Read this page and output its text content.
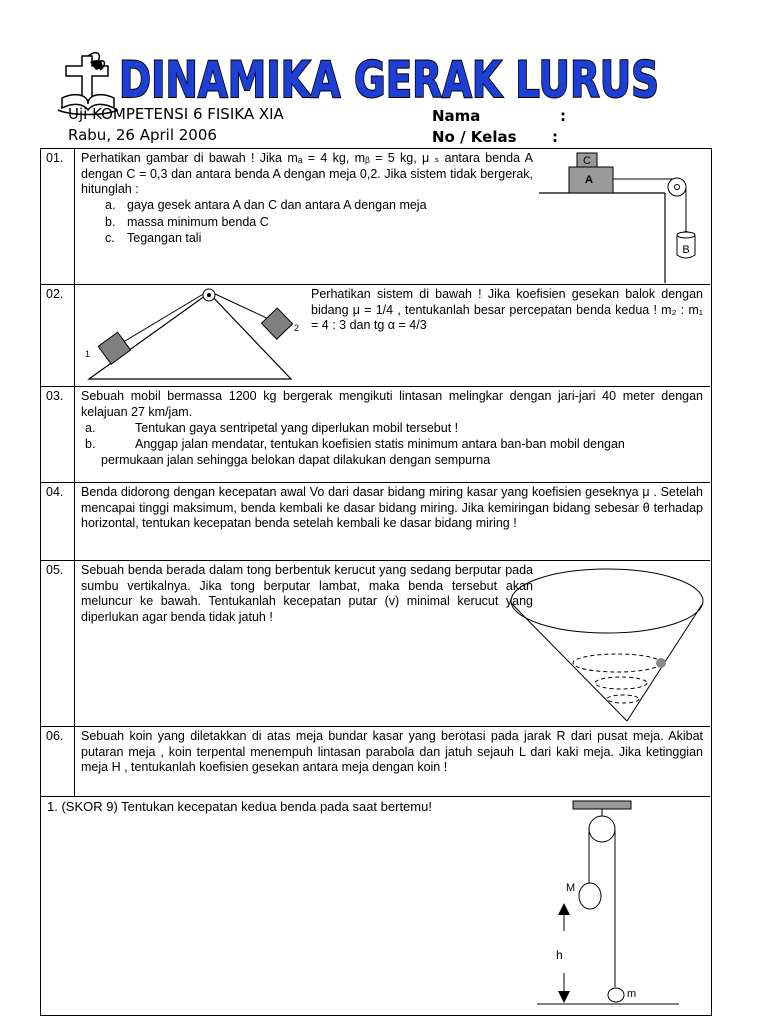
DINAMIKA GERAK LURUS
Uji KOMPETENSI 6 FISIKA XIA
Rabu, 26 April 2006
Nama	:
No / Kelas :
01.	Perhatikan gambar di bawah ! Jika mₐ = 4 kg, mᵦ = 5 kg, μ ₛ antara benda A dengan C = 0,3 dan antara benda A dengan meja 0,2. Jika sistem tidak bergerak, hitunglah :
a. gaya gesek antara A dan C dan antara A dengan meja
b. massa minimum benda C
c. Tegangan tali
C
A
B
02.
1
2
Perhatikan sistem di bawah ! Jika koefisien gesekan balok dengan bidang μ = 1/4 , tentukanlah besar percepatan benda kedua ! m₂ : m₁ = 4 : 3 dan tg α = 4/3
03.	Sebuah mobil bermassa 1200 kg bergerak mengikuti lintasan melingkar dengan jari-jari 40 meter dengan kelajuan 27 km/jam.
a.	Tentukan gaya sentripetal yang diperlukan mobil tersebut !
b.	Anggap jalan mendatar, tentukan koefisien statis minimum antara ban-ban mobil dengan
permukaan jalan sehingga belokan dapat dilakukan dengan sempurna
04.	Benda didorong dengan kecepatan awal Vo dari dasar bidang miring kasar yang koefisien geseknya μ . Setelah mencapai tinggi maksimum, benda kembali ke dasar bidang miring. Jika kemiringan bidang sebesar θ terhadap horizontal, tentukan kecepatan benda setelah kembali ke dasar bidang miring !
05.	Sebuah benda berada dalam tong berbentuk kerucut yang sedang berputar pada sumbu vertikalnya. Jika tong berputar lambat, maka benda tersebut akan meluncur ke bawah. Tentukanlah kecepatan putar (v) minimal kerucut yang diperlukan agar benda tidak jatuh !
06.	Sebuah koin yang diletakkan di atas meja bundar kasar yang berotasi pada jarak R dari pusat meja. Akibat putaran meja , koin terpental menempuh lintasan parabola dan jatuh sejauh L dari kaki meja. Jika ketinggian meja H , tentukanlah koefisien gesekan antara meja dengan koin !
1. (SKOR 9) Tentukan kecepatan kedua benda pada saat bertemu!
M
h
m
